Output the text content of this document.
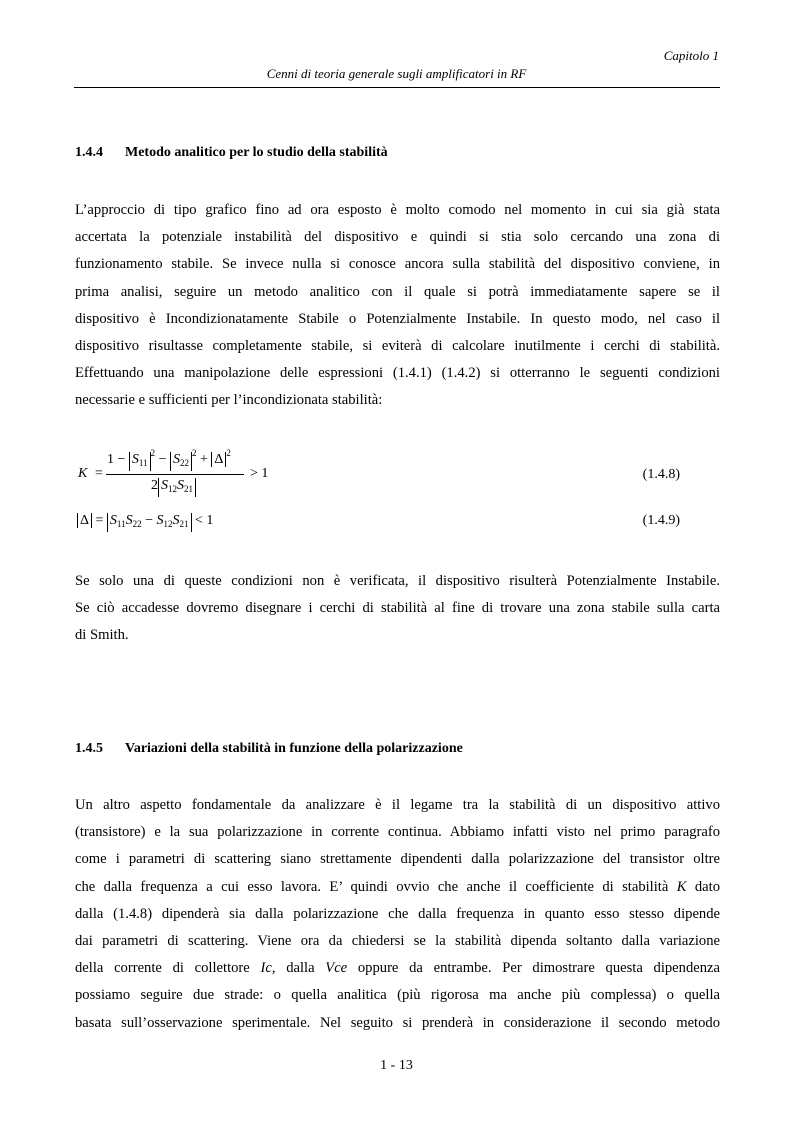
Capitolo 1
Cenni di teoria generale sugli amplificatori in RF
1.4.4 Metodo analitico per lo studio della stabilità
L’approccio di tipo grafico fino ad ora esposto è molto comodo nel momento in cui sia già stata
accertata la potenziale instabilità del dispositivo e quindi si stia solo cercando una zona di
funzionamento stabile. Se invece nulla si conosce ancora sulla stabilità del dispositivo conviene, in
prima analisi, seguire un metodo analitico con il quale si potrà immediatamente sapere se il
dispositivo è Incondizionatamente Stabile o Potenzialmente Instabile. In questo modo, nel caso il
dispositivo risultasse completamente stabile, si eviterà di calcolare inutilmente i cerchi di stabilità.
Effettuando una manipolazione delle espressioni (1.4.1) (1.4.2) si otterranno le seguenti condizioni
necessarie e sufficienti per l’incondizionata stabilità:
K =
$1 - S_{11}^2 - S_{22}^2 + \Delta$ $^2$
2 $S_{12}S_{21}$
> 1	(1.4.8)
$\Delta = S_{11}S_{22} - S_{12}S_{21} < 1$	(1.4.9)
Se solo una di queste condizioni non è verificata, il dispositivo risulterà Potenzialmente Instabile.
Se ciò accadesse dovremo disegnare i cerchi di stabilità al fine di trovare una zona stabile sulla carta
di Smith.
1.4.5 Variazioni della stabilità in funzione della polarizzazione
Un altro aspetto fondamentale da analizzare è il legame tra la stabilità di un dispositivo attivo
(transistore) e la sua polarizzazione in corrente continua. Abbiamo infatti visto nel primo paragrafo
come i parametri di scattering siano strettamente dipendenti dalla polarizzazione del transistor oltre
che dalla frequenza a cui esso lavora. E’ quindi ovvio che anche il coefficiente di stabilità K dato
dalla (1.4.8) dipenderà sia dalla polarizzazione che dalla frequenza in quanto esso stesso dipende
dai parametri di scattering. Viene ora da chiedersi se la stabilità dipenda soltanto dalla variazione
della corrente di collettore Ic, dalla Vce oppure da entrambe. Per dimostrare questa dipendenza
possiamo seguire due strade: o quella analitica (più rigorosa ma anche più complessa) o quella
basata sull’osservazione sperimentale. Nel seguito si prenderà in considerazione il secondo metodo
1 - 13
